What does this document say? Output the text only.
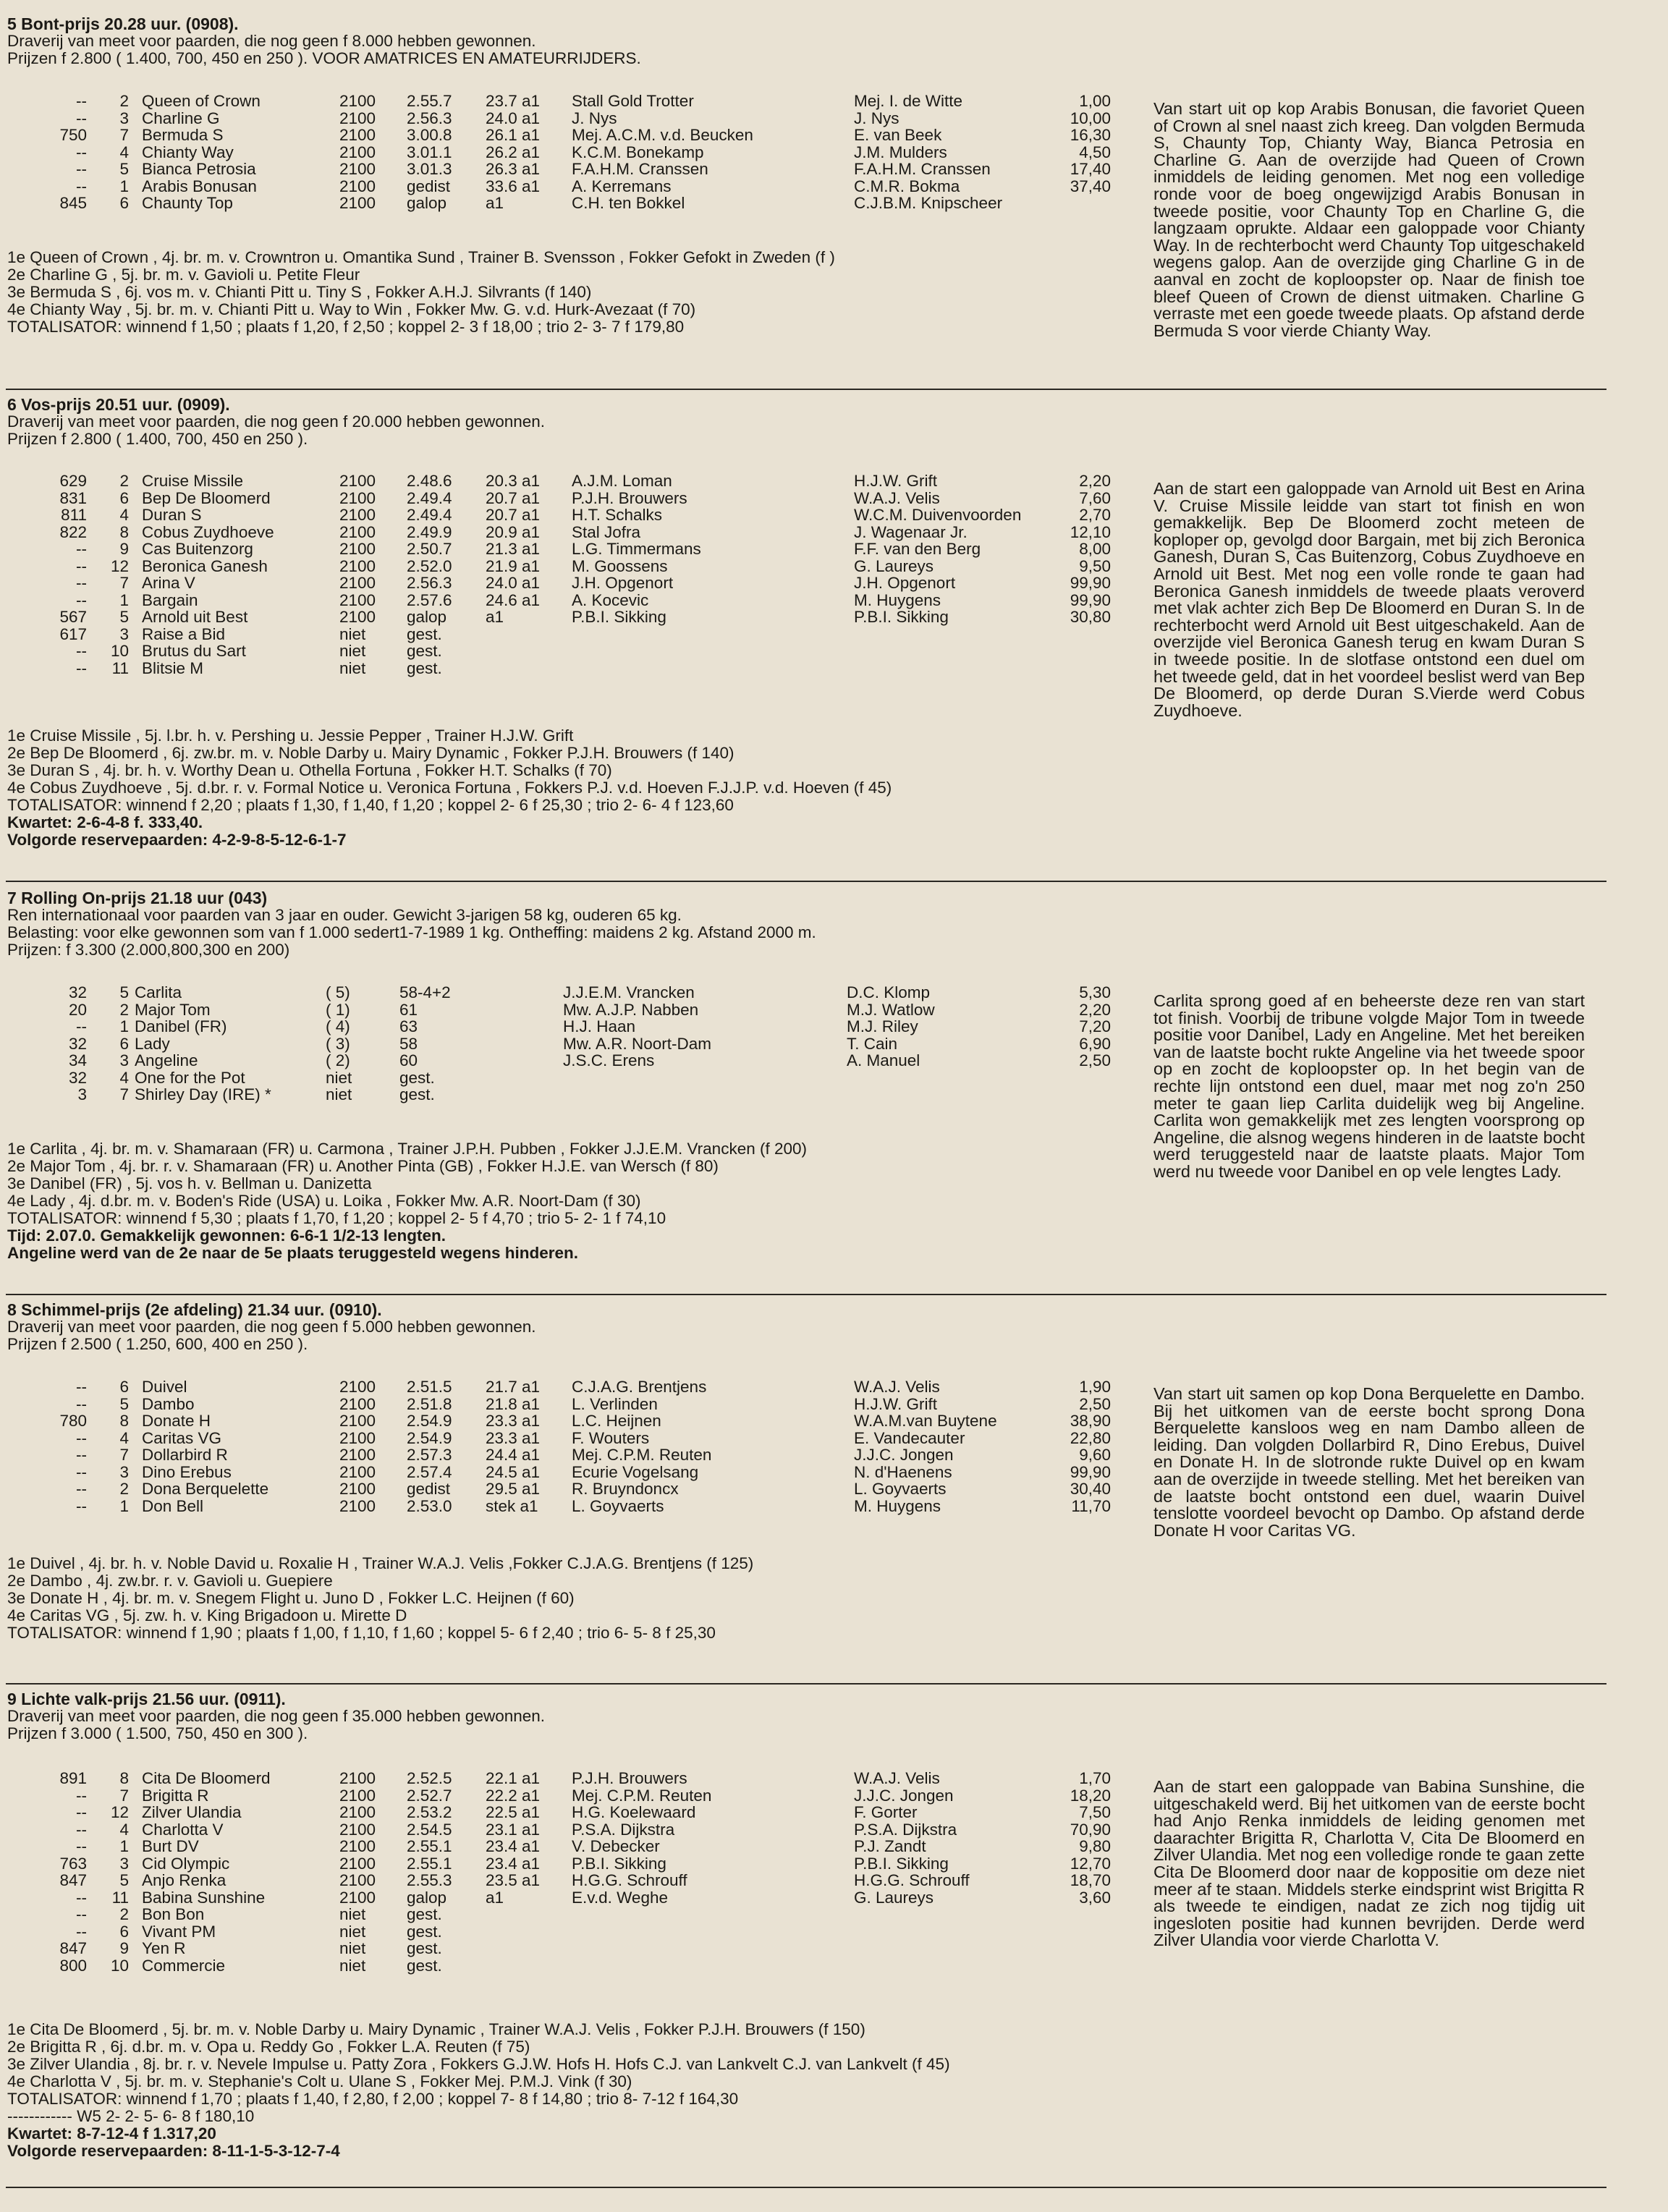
5 Bont-prijs 20.28 uur. (0908).
Draverij van meet voor paarden, die nog geen f 8.000 hebben gewonnen.
Prijzen f 2.800 ( 1.400, 700, 450 en 250 ). VOOR AMATRICES EN AMATEURRIJDERS.
--	2 Queen of Crown	2100 2.55.7 23.7 a1 Stall Gold Trotter	Mej. I. de Witte	1,00
--	3 Charline G	2100 2.56.3 24.0 a1 J. Nys	J. Nys	10,00
750	7 Bermuda S	2100 3.00.8 26.1 a1 Mej. A.C.M. v.d. Beucken	E. van Beek	16,30
--	4 Chianty Way	2100 3.01.1 26.2 a1 K.C.M. Bonekamp	J.M. Mulders	4,50
--	5 Bianca Petrosia	2100 3.01.3 26.3 a1 F.A.H.M. Cranssen	F.A.H.M. Cranssen	17,40
--	1 Arabis Bonusan	2100 gedist 33.6 a1 A. Kerremans	C.M.R. Bokma	37,40
845	6 Chaunty Top	2100 galop a1	C.H. ten Bokkel	C.J.B.M. Knipscheer
1e Queen of Crown , 4j. br. m. v. Crowntron u. Omantika Sund , Trainer B. Svensson , Fokker Gefokt in Zweden (f )
2e Charline G , 5j. br. m. v. Gavioli u. Petite Fleur
3e Bermuda S , 6j. vos m. v. Chianti Pitt u. Tiny S , Fokker A.H.J. Silvrants (f 140)
4e Chianty Way , 5j. br. m. v. Chianti Pitt u. Way to Win , Fokker Mw. G. v.d. Hurk-Avezaat (f 70)
TOTALISATOR: winnend f 1,50 ; plaats f 1,20, f 2,50 ; koppel 2- 3 f 18,00 ; trio 2- 3- 7 f 179,80
Van start uit op kop Arabis Bonusan, die favoriet Queen of Crown al snel naast zich kreeg. Dan volgden Bermuda S, Chaunty Top, Chianty Way, Bianca Petrosia en Charline G. Aan de overzijde had Queen of Crown inmiddels de leiding genomen. Met nog een volledige ronde voor de boeg ongewijzigd Arabis Bonusan in tweede positie, voor Chaunty Top en Charline G, die langzaam oprukte. Aldaar een galoppade voor Chianty Way. In de rechterbocht werd Chaunty Top uitgeschakeld wegens galop. Aan de overzijde ging Charline G in de aanval en zocht de koploopster op. Naar de finish toe bleef Queen of Crown de dienst uitmaken. Charline G verraste met een goede tweede plaats. Op afstand derde Bermuda S voor vierde Chianty Way.
6 Vos-prijs 20.51 uur. (0909).
Draverij van meet voor paarden, die nog geen f 20.000 hebben gewonnen.
Prijzen f 2.800 ( 1.400, 700, 450 en 250 ).
629	2 Cruise Missile	2100 2.48.6 20.3 a1 A.J.M. Loman	H.J.W. Grift	2,20
831	6 Bep De Bloomerd	2100 2.49.4 20.7 a1 P.J.H. Brouwers	W.A.J. Velis	7,60
811	4 Duran S	2100 2.49.4 20.7 a1 H.T. Schalks	W.C.M. Duivenvoorden	2,70
822	8 Cobus Zuydhoeve	2100 2.49.9 20.9 a1 Stal Jofra	J. Wagenaar Jr.	12,10
--	9 Cas Buitenzorg	2100 2.50.7 21.3 a1 L.G. Timmermans	F.F. van den Berg	8,00
--	12 Beronica Ganesh	2100 2.52.0 21.9 a1 M. Goossens	G. Laureys	9,50
--	7 Arina V	2100 2.56.3 24.0 a1 J.H. Opgenort	J.H. Opgenort	99,90
--	1 Bargain	2100 2.57.6 24.6 a1 A. Kocevic	M. Huygens	99,90
567	5 Arnold uit Best	2100 galop a1	P.B.I. Sikking	P.B.I. Sikking	30,80
617	3 Raise a Bid	niet	gest.
--	10 Brutus du Sart	niet	gest.
--	11 Blitsie M	niet	gest.
1e Cruise Missile , 5j. l.br. h. v. Pershing u. Jessie Pepper , Trainer H.J.W. Grift
2e Bep De Bloomerd , 6j. zw.br. m. v. Noble Darby u. Mairy Dynamic , Fokker P.J.H. Brouwers (f 140)
3e Duran S , 4j. br. h. v. Worthy Dean u. Othella Fortuna , Fokker H.T. Schalks (f 70)
4e Cobus Zuydhoeve , 5j. d.br. r. v. Formal Notice u. Veronica Fortuna , Fokkers P.J. v.d. Hoeven F.J.J.P. v.d. Hoeven (f 45)
TOTALISATOR: winnend f 2,20 ; plaats f 1,30, f 1,40, f 1,20 ; koppel 2- 6 f 25,30 ; trio 2- 6- 4 f 123,60
Kwartet: 2-6-4-8 f. 333,40.
Volgorde reservepaarden: 4-2-9-8-5-12-6-1-7
Aan de start een galoppade van Arnold uit Best en Arina V. Cruise Missile leidde van start tot finish en won gemakkelijk. Bep De Bloomerd zocht meteen de koploper op, gevolgd door Bargain, met bij zich Beronica Ganesh, Duran S, Cas Buitenzorg, Cobus Zuydhoeve en Arnold uit Best. Met nog een volle ronde te gaan had Beronica Ganesh inmiddels de tweede plaats veroverd met vlak achter zich Bep De Bloomerd en Duran S. In de rechterbocht werd Arnold uit Best uitgeschakeld. Aan de overzijde viel Beronica Ganesh terug en kwam Duran S in tweede positie. In de slotfase ontstond een duel om het tweede geld, dat in het voordeel beslist werd van Bep De Bloomerd, op derde Duran S.Vierde werd Cobus Zuydhoeve.
7 Rolling On-prijs 21.18 uur (043)
Ren internationaal voor paarden van 3 jaar en ouder. Gewicht 3-jarigen 58 kg, ouderen 65 kg.
Belasting: voor elke gewonnen som van f 1.000 sedert1-7-1989 1 kg. Ontheffing: maidens 2 kg. Afstand 2000 m.
Prijzen: f 3.300 (2.000,800,300 en 200)
32	5 Carlita	( 5)	58-4+2	J.J.E.M. Vrancken	D.C. Klomp	5,30
20	2 Major Tom	( 1)	61	Mw. A.J.P. Nabben	M.J. Watlow	2,20
--	1 Danibel (FR)	( 4)	63	H.J. Haan	M.J. Riley	7,20
32	6 Lady	( 3)	58	Mw. A.R. Noort-Dam	T. Cain	6,90
34	3 Angeline	( 2)	60	J.S.C. Erens	A. Manuel	2,50
32	4 One for the Pot	niet	gest.
3	7 Shirley Day (IRE) *	niet	gest.
1e Carlita , 4j. br. m. v. Shamaraan (FR) u. Carmona , Trainer J.P.H. Pubben , Fokker J.J.E.M. Vrancken (f 200)
2e Major Tom , 4j. br. r. v. Shamaraan (FR) u. Another Pinta (GB) , Fokker H.J.E. van Wersch (f 80)
3e Danibel (FR) , 5j. vos h. v. Bellman u. Danizetta
4e Lady , 4j. d.br. m. v. Boden's Ride (USA) u. Loika , Fokker Mw. A.R. Noort-Dam (f 30)
TOTALISATOR: winnend f 5,30 ; plaats f 1,70, f 1,20 ; koppel 2- 5 f 4,70 ; trio 5- 2- 1 f 74,10
Tijd: 2.07.0. Gemakkelijk gewonnen: 6-6-1 1/2-13 lengten.
Angeline werd van de 2e naar de 5e plaats teruggesteld wegens hinderen.
Carlita sprong goed af en beheerste deze ren van start tot finish. Voorbij de tribune volgde Major Tom in tweede positie voor Danibel, Lady en Angeline. Met het bereiken van de laatste bocht rukte Angeline via het tweede spoor op en zocht de koploopster op. In het begin van de rechte lijn ontstond een duel, maar met nog zo'n 250 meter te gaan liep Carlita duidelijk weg bij Angeline. Carlita won gemakkelijk met zes lengten voorsprong op Angeline, die alsnog wegens hinderen in de laatste bocht werd teruggesteld naar de laatste plaats. Major Tom werd nu tweede voor Danibel en op vele lengtes Lady.
8 Schimmel-prijs (2e afdeling) 21.34 uur. (0910).
Draverij van meet voor paarden, die nog geen f 5.000 hebben gewonnen.
Prijzen f 2.500 ( 1.250, 600, 400 en 250 ).
--	6 Duivel	2100 2.51.5 21.7 a1 C.J.A.G. Brentjens	W.A.J. Velis	1,90
--	5 Dambo	2100 2.51.8 21.8 a1 L. Verlinden	H.J.W. Grift	2,50
780	8 Donate H	2100 2.54.9 23.3 a1 L.C. Heijnen	W.A.M.van Buytene	38,90
--	4 Caritas VG	2100 2.54.9 23.3 a1 F. Wouters	E. Vandecauter	22,80
--	7 Dollarbird R	2100 2.57.3 24.4 a1 Mej. C.P.M. Reuten	J.J.C. Jongen	9,60
--	3 Dino Erebus	2100 2.57.4 24.5 a1 Ecurie Vogelsang	N. d'Haenens	99,90
--	2 Dona Berquelette	2100 gedist 29.5 a1 R. Bruyndoncx	L. Goyvaerts	30,40
--	1 Don Bell	2100 2.53.0 stek a1 L. Goyvaerts	M. Huygens	11,70
1e Duivel , 4j. br. h. v. Noble David u. Roxalie H , Trainer W.A.J. Velis ,Fokker C.J.A.G. Brentjens (f 125)
2e Dambo , 4j. zw.br. r. v. Gavioli u. Guepiere
3e Donate H , 4j. br. m. v. Snegem Flight u. Juno D , Fokker L.C. Heijnen (f 60)
4e Caritas VG , 5j. zw. h. v. King Brigadoon u. Mirette D
TOTALISATOR: winnend f 1,90 ; plaats f 1,00, f 1,10, f 1,60 ; koppel 5- 6 f 2,40 ; trio 6- 5- 8 f 25,30
Van start uit samen op kop Dona Berquelette en Dambo. Bij het uitkomen van de eerste bocht sprong Dona Berquelette kansloos weg en nam Dambo alleen de leiding. Dan volgden Dollarbird R, Dino Erebus, Duivel en Donate H. In de slotronde rukte Duivel op en kwam aan de overzijde in tweede stelling. Met het bereiken van de laatste bocht ontstond een duel, waarin Duivel tenslotte voordeel bevocht op Dambo. Op afstand derde Donate H voor Caritas VG.
9 Lichte valk-prijs 21.56 uur. (0911).
Draverij van meet voor paarden, die nog geen f 35.000 hebben gewonnen.
Prijzen f 3.000 ( 1.500, 750, 450 en 300 ).
891	8 Cita De Bloomerd	2100 2.52.5 22.1 a1 P.J.H. Brouwers	W.A.J. Velis	1,70
--	7 Brigitta R	2100 2.52.7 22.2 a1 Mej. C.P.M. Reuten	J.J.C. Jongen	18,20
--	12 Zilver Ulandia	2100 2.53.2 22.5 a1 H.G. Koelewaard	F. Gorter	7,50
--	4 Charlotta V	2100 2.54.5 23.1 a1 P.S.A. Dijkstra	P.S.A. Dijkstra	70,90
--	1 Burt DV	2100 2.55.1 23.4 a1 V. Debecker	P.J. Zandt	9,80
763	3 Cid Olympic	2100 2.55.1 23.4 a1 P.B.I. Sikking	P.B.I. Sikking	12,70
847	5 Anjo Renka	2100 2.55.3 23.5 a1 H.G.G. Schrouff	H.G.G. Schrouff	18,70
--	11 Babina Sunshine	2100 galop a1	E.v.d. Weghe	G. Laureys	3,60
--	2 Bon Bon	niet	gest.
--	6 Vivant PM	niet	gest.
847	9 Yen R	niet	gest.
800	10 Commercie	niet	gest.
1e Cita De Bloomerd , 5j. br. m. v. Noble Darby u. Mairy Dynamic , Trainer W.A.J. Velis , Fokker P.J.H. Brouwers (f 150)
2e Brigitta R , 6j. d.br. m. v. Opa u. Reddy Go , Fokker L.A. Reuten (f 75)
3e Zilver Ulandia , 8j. br. r. v. Nevele Impulse u. Patty Zora , Fokkers G.J.W. Hofs H. Hofs C.J. van Lankvelt C.J. van Lankvelt (f 45)
4e Charlotta V , 5j. br. m. v. Stephanie's Colt u. Ulane S , Fokker Mej. P.M.J. Vink (f 30)
TOTALISATOR: winnend f 1,70 ; plaats f 1,40, f 2,80, f 2,00 ; koppel 7- 8 f 14,80 ; trio 8- 7-12 f 164,30
------------ W5 2- 2- 5- 6- 8 f 180,10
Kwartet: 8-7-12-4 f 1.317,20
Volgorde reservepaarden: 8-11-1-5-3-12-7-4
Aan de start een galoppade van Babina Sunshine, die uitgeschakeld werd. Bij het uitkomen van de eerste bocht had Anjo Renka inmiddels de leiding genomen met daarachter Brigitta R, Charlotta V, Cita De Bloomerd en Zilver Ulandia. Met nog een volledige ronde te gaan zette Cita De Bloomerd door naar de koppositie om deze niet meer af te staan. Middels sterke eindsprint wist Brigitta R als tweede te eindigen, nadat ze zich nog tijdig uit ingesloten positie had kunnen bevrijden. Derde werd Zilver Ulandia voor vierde Charlotta V.
